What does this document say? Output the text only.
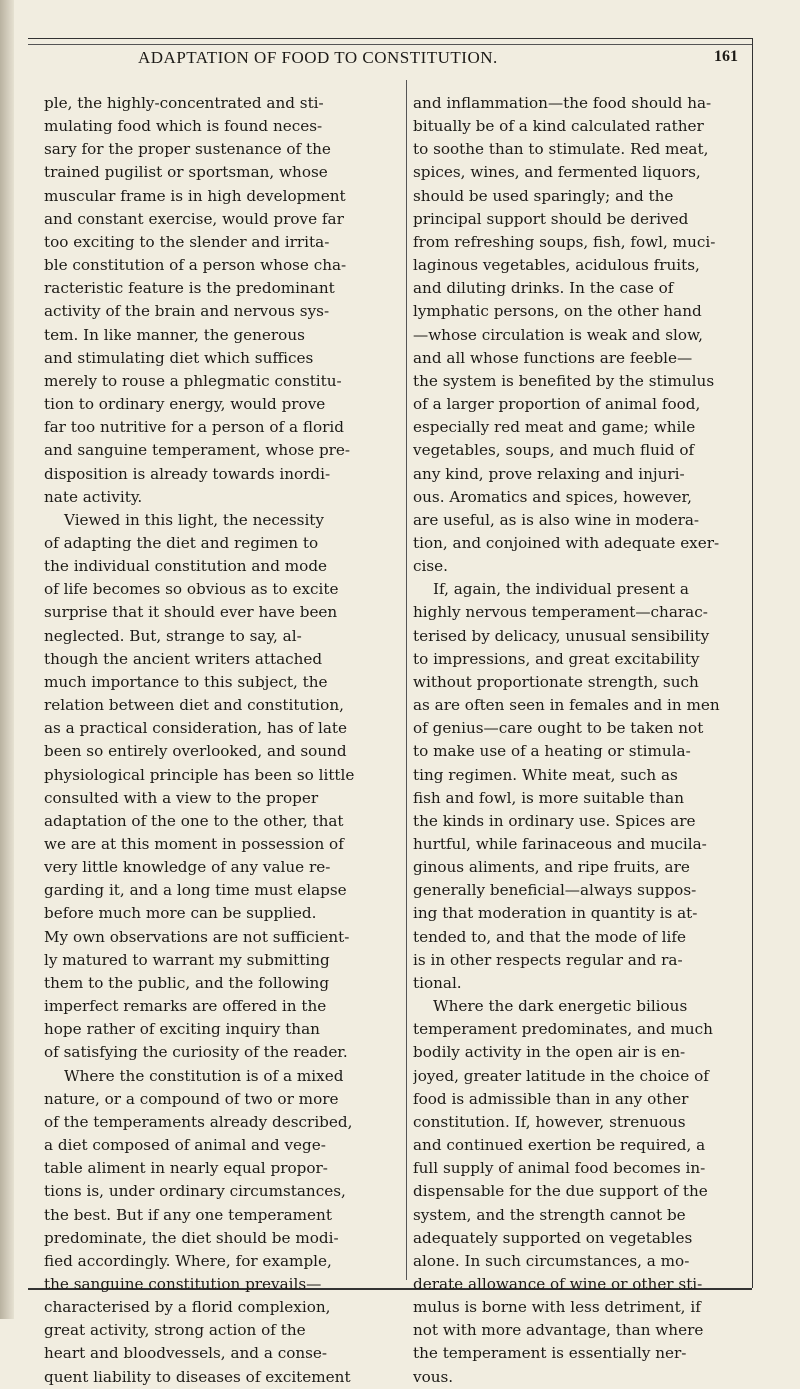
ADAPTATION OF FOOD TO CONSTITUTION.	161

ple, the highly-concentrated and sti-
mulating food which is found neces-
sary for the proper sustenance of the
trained pugilist or sportsman, whose
muscular frame is in high development
and constant exercise, would prove far
too exciting to the slender and irrita-
ble constitution of a person whose cha-
racteristic feature is the predominant
activity of the brain and nervous sys-
tem. In like manner, the generous
and stimulating diet which suffices
merely to rouse a phlegmatic constitu-
tion to ordinary energy, would prove
far too nutritive for a person of a florid
and sanguine temperament, whose pre-
disposition is already towards inordi-
nate activity.
Viewed in this light, the necessity
of adapting the diet and regimen to
the individual constitution and mode
of life becomes so obvious as to excite
surprise that it should ever have been
neglected. But, strange to say, al-
though the ancient writers attached
much importance to this subject, the
relation between diet and constitution,
as a practical consideration, has of late
been so entirely overlooked, and sound
physiological principle has been so little
consulted with a view to the proper
adaptation of the one to the other, that
we are at this moment in possession of
very little knowledge of any value re-
garding it, and a long time must elapse
before much more can be supplied.
My own observations are not sufficient-
ly matured to warrant my submitting
them to the public, and the following
imperfect remarks are offered in the
hope rather of exciting inquiry than
of satisfying the curiosity of the reader.
Where the constitution is of a mixed
nature, or a compound of two or more
of the temperaments already described,
a diet composed of animal and vege-
table aliment in nearly equal propor-
tions is, under ordinary circumstances,
the best. But if any one temperament
predominate, the diet should be modi-
fied accordingly. Where, for example,
the sanguine constitution prevails—
characterised by a florid complexion,
great activity, strong action of the
heart and bloodvessels, and a conse-
quent liability to diseases of excitement

and inflammation—the food should ha-
bitually be of a kind calculated rather
to soothe than to stimulate. Red meat,
spices, wines, and fermented liquors,
should be used sparingly; and the
principal support should be derived
from refreshing soups, fish, fowl, muci-
laginous vegetables, acidulous fruits,
and diluting drinks. In the case of
lymphatic persons, on the other hand
—whose circulation is weak and slow,
and all whose functions are feeble—
the system is benefited by the stimulus
of a larger proportion of animal food,
especially red meat and game; while
vegetables, soups, and much fluid of
any kind, prove relaxing and injuri-
ous. Aromatics and spices, however,
are useful, as is also wine in modera-
tion, and conjoined with adequate exer-
cise.
If, again, the individual present a
highly nervous temperament—charac-
terised by delicacy, unusual sensibility
to impressions, and great excitability
without proportionate strength, such
as are often seen in females and in men
of genius—care ought to be taken not
to make use of a heating or stimula-
ting regimen. White meat, such as
fish and fowl, is more suitable than
the kinds in ordinary use. Spices are
hurtful, while farinaceous and mucila-
ginous aliments, and ripe fruits, are
generally beneficial—always suppos-
ing that moderation in quantity is at-
tended to, and that the mode of life
is in other respects regular and ra-
tional.
Where the dark energetic bilious
temperament predominates, and much
bodily activity in the open air is en-
joyed, greater latitude in the choice of
food is admissible than in any other
constitution. If, however, strenuous
and continued exertion be required, a
full supply of animal food becomes in-
dispensable for the due support of the
system, and the strength cannot be
adequately supported on vegetables
alone. In such circumstances, a mo-
derate allowance of wine or other sti-
mulus is borne with less detriment, if
not with more advantage, than where
the temperament is essentially ner-
vous.
